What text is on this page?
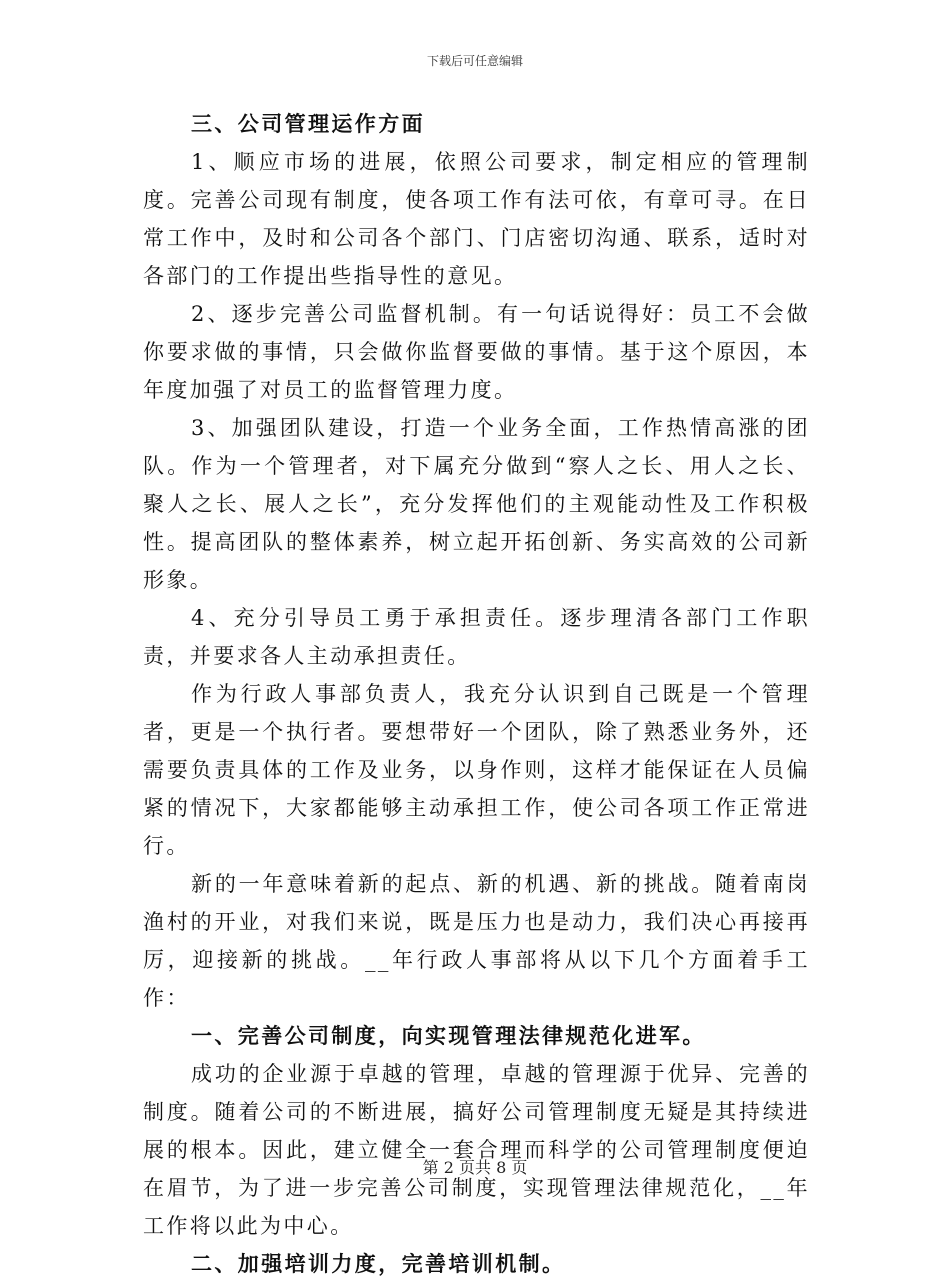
下载后可任意编辑

三、公司管理运作方面

1、顺应市场的进展，依照公司要求，制定相应的管理制度。完善公司现有制度，使各项工作有法可依，有章可寻。在日常工作中，及时和公司各个部门、门店密切沟通、联系，适时对各部门的工作提出些指导性的意见。

2、逐步完善公司监督机制。有一句话说得好：员工不会做你要求做的事情，只会做你监督要做的事情。基于这个原因，本年度加强了对员工的监督管理力度。

3、加强团队建设，打造一个业务全面，工作热情高涨的团队。作为一个管理者，对下属充分做到“察人之长、用人之长、聚人之长、展人之长”，充分发挥他们的主观能动性及工作积极性。提高团队的整体素养，树立起开拓创新、务实高效的公司新形象。

4、充分引导员工勇于承担责任。逐步理清各部门工作职责，并要求各人主动承担责任。

作为行政人事部负责人，我充分认识到自己既是一个管理者，更是一个执行者。要想带好一个团队，除了熟悉业务外，还需要负责具体的工作及业务，以身作则，这样才能保证在人员偏紧的情况下，大家都能够主动承担工作，使公司各项工作正常进行。

新的一年意味着新的起点、新的机遇、新的挑战。随着南岗渔村的开业，对我们来说，既是压力也是动力，我们决心再接再厉，迎接新的挑战。__年行政人事部将从以下几个方面着手工作：

一、完善公司制度，向实现管理法律规范化进军。

成功的企业源于卓越的管理，卓越的管理源于优异、完善的制度。随着公司的不断进展，搞好公司管理制度无疑是其持续进展的根本。因此，建立健全一套合理而科学的公司管理制度便迫在眉节，为了进一步完善公司制度，实现管理法律规范化，__年工作将以此为中心。

二、加强培训力度，完善培训机制。

第 2 页共 8 页
